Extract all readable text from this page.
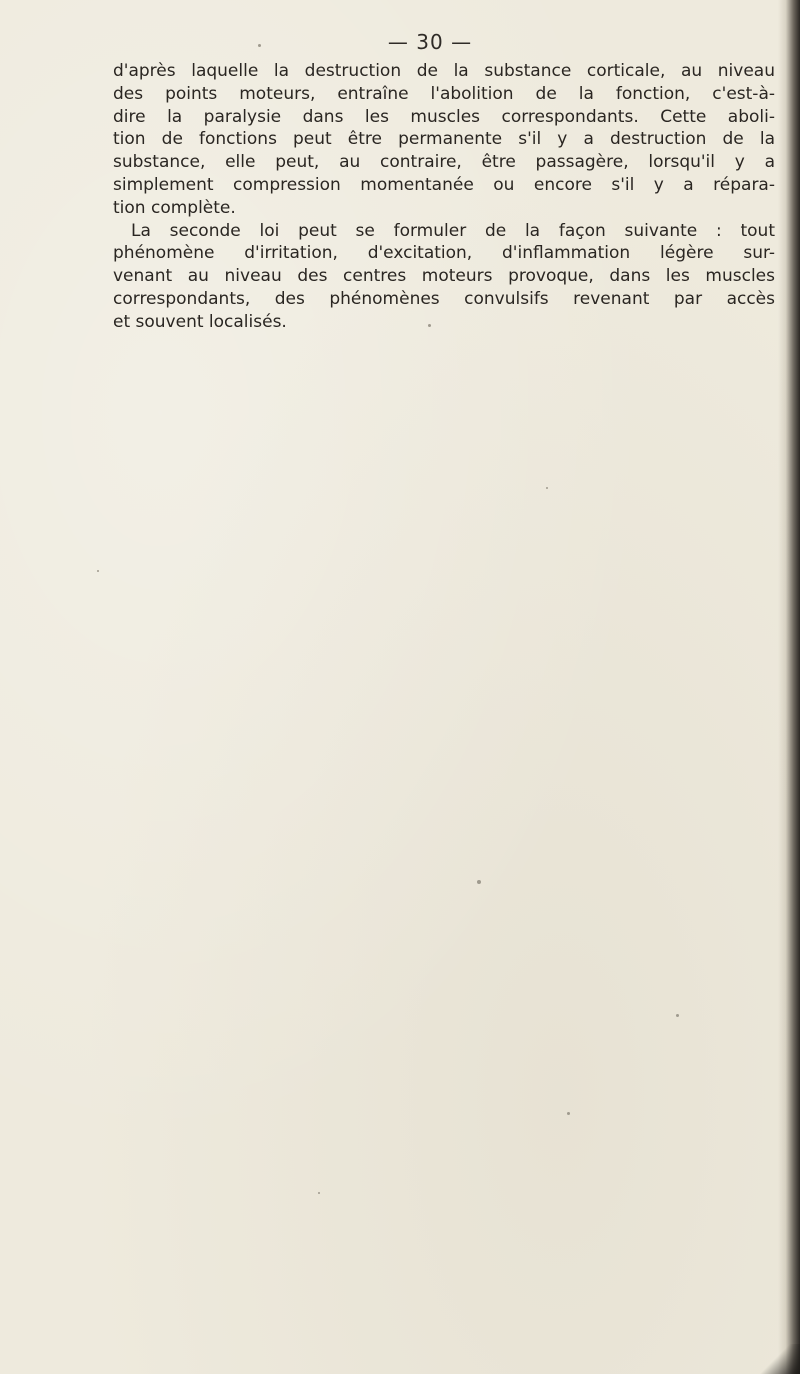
— 30 —
d'après laquelle la destruction de la substance corticale, au niveau
des points moteurs, entraîne l'abolition de la fonction, c'est-à-
dire la paralysie dans les muscles correspondants. Cette aboli-
tion de fonctions peut être permanente s'il y a destruction de la
substance, elle peut, au contraire, être passagère, lorsqu'il y a
simplement compression momentanée ou encore s'il y a répara-
tion complète.
La seconde loi peut se formuler de la façon suivante : tout
phénomène d'irritation, d'excitation, d'inflammation légère sur-
venant au niveau des centres moteurs provoque, dans les muscles
correspondants, des phénomènes convulsifs revenant par accès
et souvent localisés.
